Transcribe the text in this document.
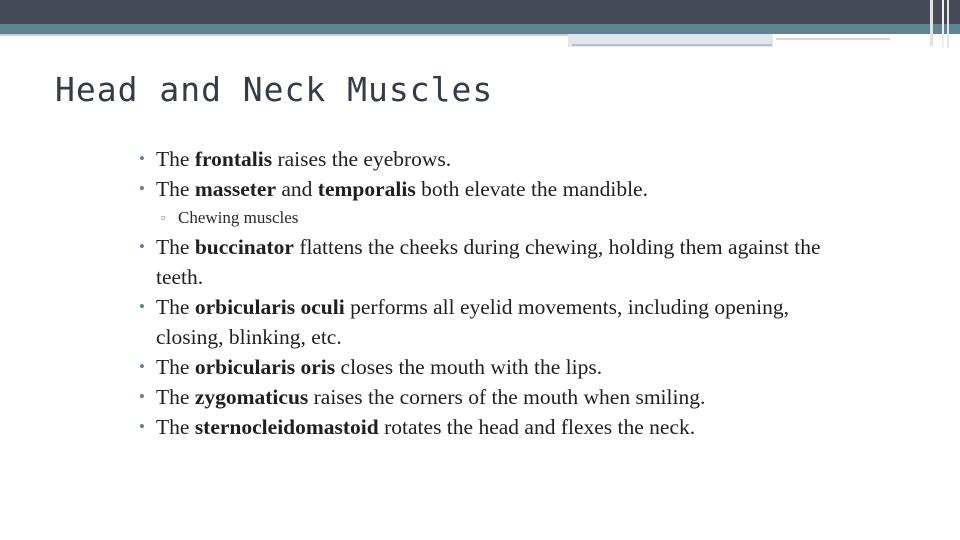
Head and Neck Muscles
• The frontalis raises the eyebrows.
• The masseter and temporalis both elevate the mandible.
▫ Chewing muscles
• The buccinator flattens the cheeks during chewing, holding them against the teeth.
• The orbicularis oculi performs all eyelid movements, including opening, closing, blinking, etc.
• The orbicularis oris closes the mouth with the lips.
• The zygomaticus raises the corners of the mouth when smiling.
• The sternocleidomastoid rotates the head and flexes the neck.
